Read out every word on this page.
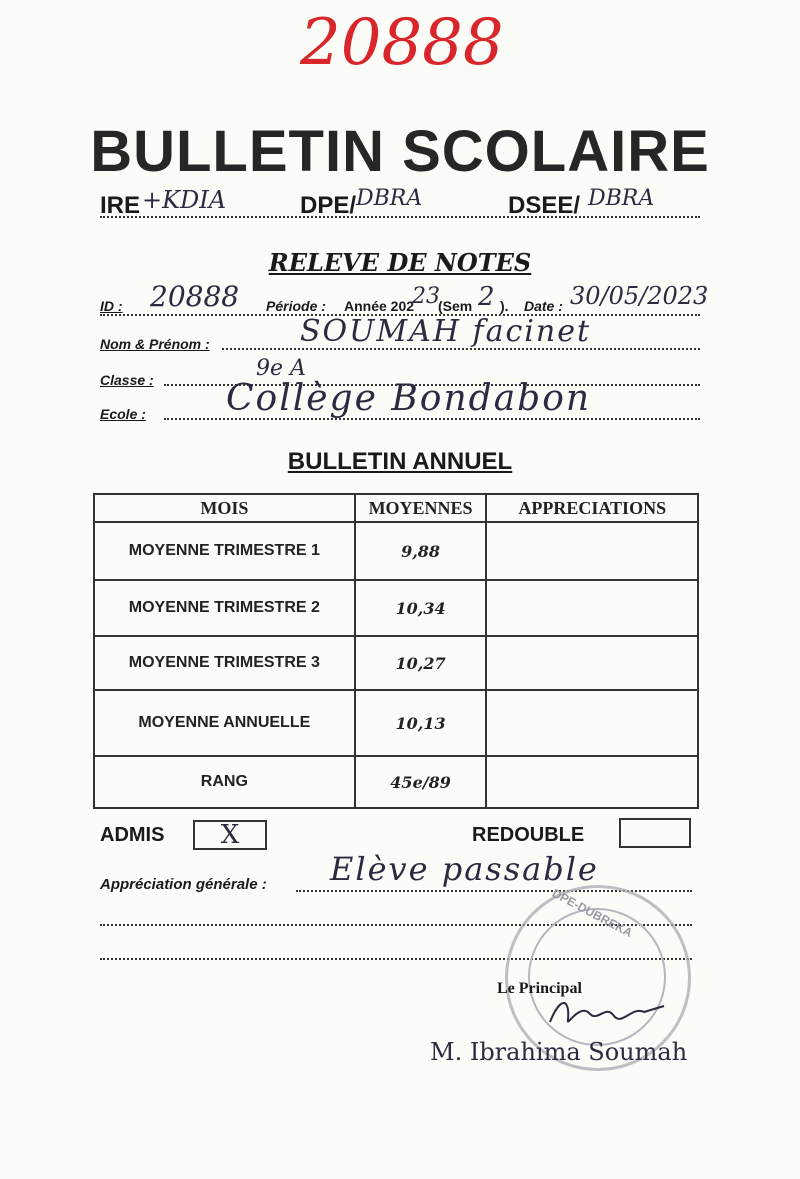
20888
BULLETIN SCOLAIRE
IRE +KDIA	DPE/ DBRA	DSEE/ DBRA
RELEVE DE NOTES
ID : 20888 Période : Année 202
23
(Sem 2 ). Date : 30/05/2023
Nom & Prénom :	SOUMAH facinet
Classe :	9e A
Ecole : Collège Bondabon
BULLETIN ANNUEL
MOIS	MOYENNES	APPRECIATIONS
MOYENNE TRIMESTRE 1	9,88	
MOYENNE TRIMESTRE 2	10,34	
MOYENNE TRIMESTRE 3	10,27	
MOYENNE ANNUELLE	10,13	
RANG	45e/89	
ADMIS	X	REDOUBLE
Appréciation générale : Elève passable
DPE-DUBREKA
Le Principal
M. Ibrahima Soumah
